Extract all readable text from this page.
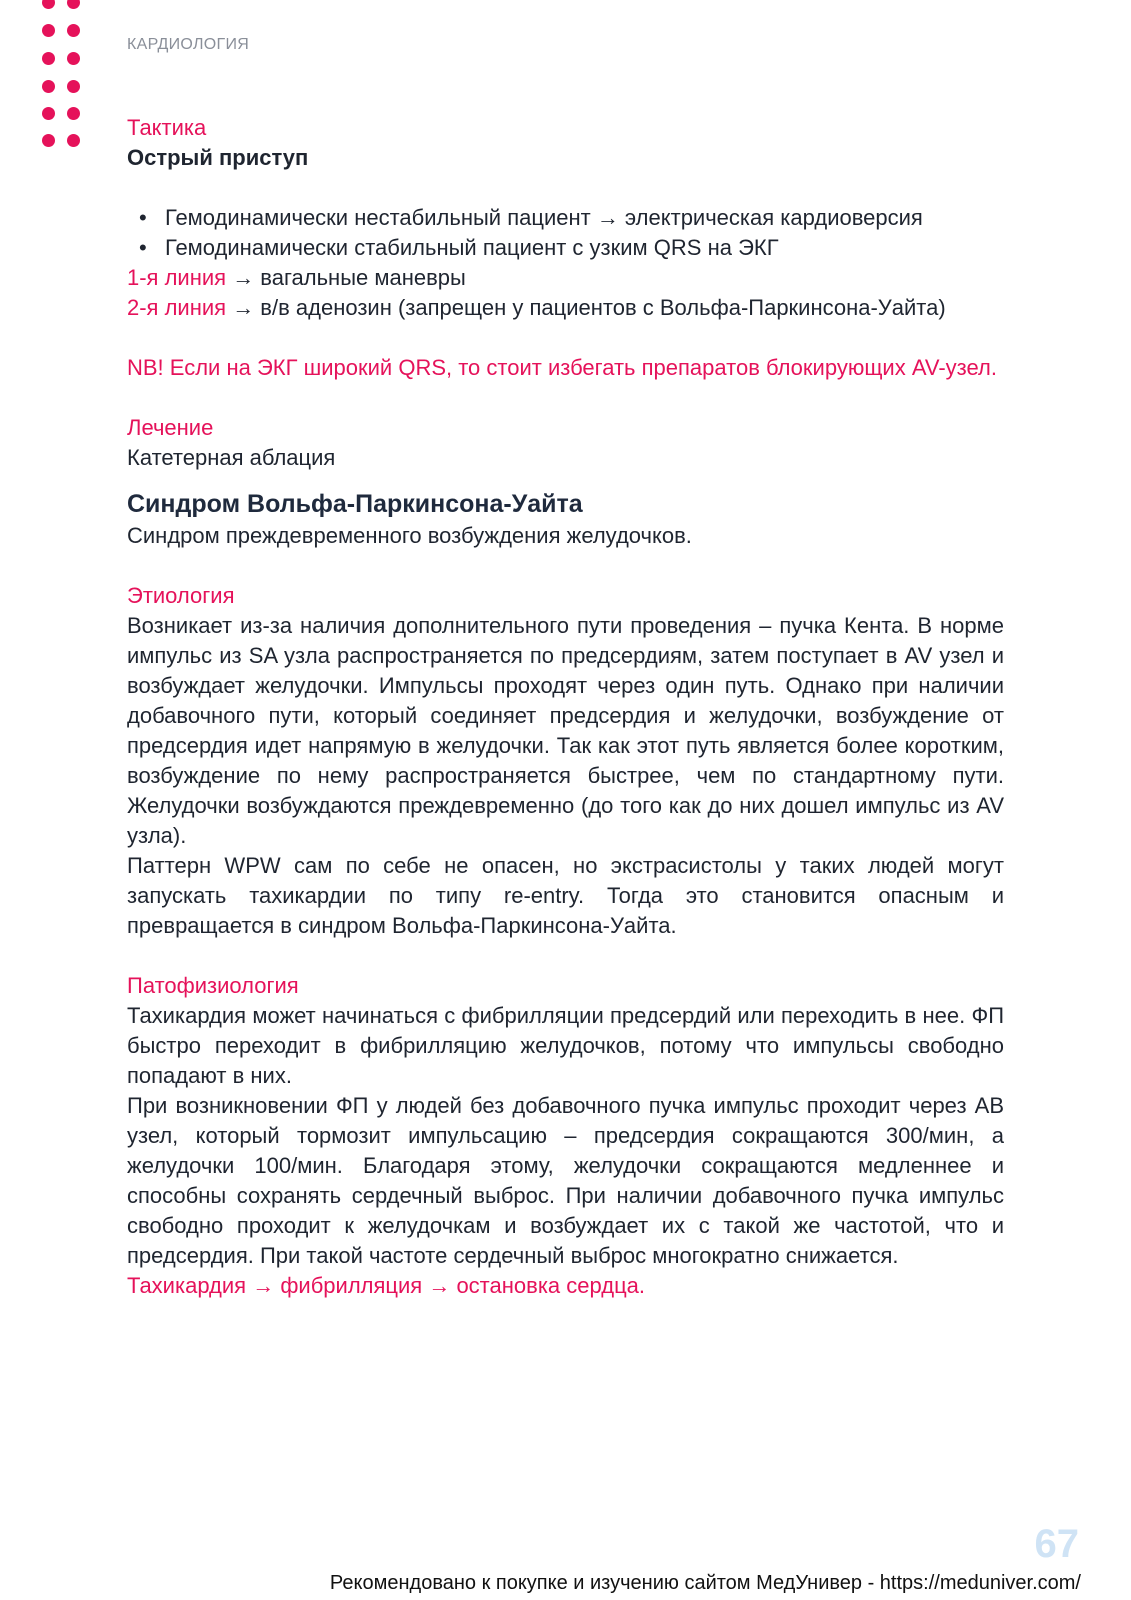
КАРДИОЛОГИЯ

Тактика

Острый приступ

• Гемодинамически нестабильный пациент → электрическая кардиоверсия
• Гемодинамически стабильный пациент с узким QRS на ЭКГ

1-я линия → вагальные маневры

2-я линия → в/в аденозин (запрещен у пациентов с Вольфа-Паркинсона-Уайта)

NB! Если на ЭКГ широкий QRS, то стоит избегать препаратов блокирующих AV-узел.

Лечение

Катетерная аблация

Синдром Вольфа-Паркинсона-Уайта

Синдром преждевременного возбуждения желудочков.

Этиология

Возникает из-за наличия дополнительного пути проведения – пучка Кента. В норме импульс из SA узла распространяется по предсердиям, затем поступает в AV узел и возбуждает желудочки. Импульсы проходят через один путь. Однако при наличии добавочного пути, который соединяет предсердия и желудочки, возбуждение от предсердия идет напрямую в желудочки. Так как этот путь является более коротким, возбуждение по нему распространяется быстрее, чем по стандартному пути. Желудочки возбуждаются преждевременно (до того как до них дошел импульс из AV узла).

Паттерн WPW сам по себе не опасен, но экстрасистолы у таких людей могут запускать тахикардии по типу re-entry. Тогда это становится опасным и превращается в синдром Вольфа-Паркинсона-Уайта.

Патофизиология

Тахикардия может начинаться с фибрилляции предсердий или переходить в нее. ФП быстро переходит в фибрилляцию желудочков, потому что импульсы свободно попадают в них.

При возникновении ФП у людей без добавочного пучка импульс проходит через АВ узел, который тормозит импульсацию – предсердия сокращаются 300/мин, а желудочки 100/мин. Благодаря этому, желудочки сокращаются медленнее и способны сохранять сердечный выброс. При наличии добавочного пучка импульс свободно проходит к желудочкам и возбуждает их с такой же частотой, что и предсердия. При такой частоте сердечный выброс многократно снижается.

Тахикардия → фибрилляция → остановка сердца.

67
Рекомендовано к покупке и изучению сайтом МедУнивер - https://meduniver.com/
